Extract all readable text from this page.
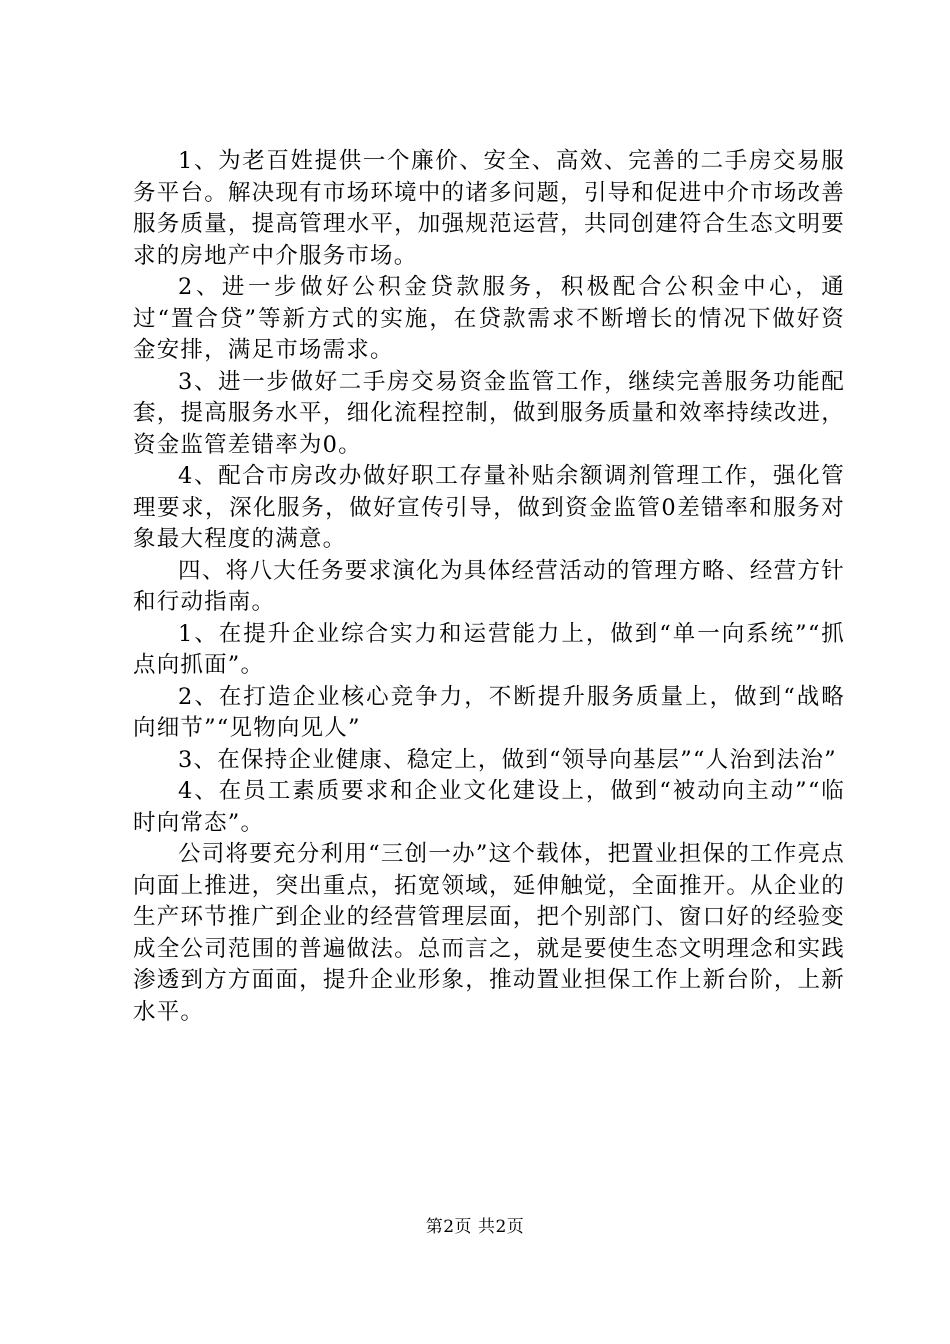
1、为老百姓提供一个廉价、安全、高效、完善的二手房交易服务平台。解决现有市场环境中的诸多问题，引导和促进中介市场改善服务质量，提高管理水平，加强规范运营，共同创建符合生态文明要求的房地产中介服务市场。

2、进一步做好公积金贷款服务，积极配合公积金中心，通过“置合贷”等新方式的实施，在贷款需求不断增长的情况下做好资金安排，满足市场需求。

3、进一步做好二手房交易资金监管工作，继续完善服务功能配套，提高服务水平，细化流程控制，做到服务质量和效率持续改进，资金监管差错率为0。

4、配合市房改办做好职工存量补贴余额调剂管理工作，强化管理要求，深化服务，做好宣传引导，做到资金监管0差错率和服务对象最大程度的满意。

四、将八大任务要求演化为具体经营活动的管理方略、经营方针和行动指南。

1、在提升企业综合实力和运营能力上，做到“单一向系统”“抓点向抓面”。

2、在打造企业核心竞争力，不断提升服务质量上，做到“战略向细节”“见物向见人”

3、在保持企业健康、稳定上，做到“领导向基层”“人治到法治”

4、在员工素质要求和企业文化建设上，做到“被动向主动”“临时向常态”。

公司将要充分利用“三创一办”这个载体，把置业担保的工作亮点向面上推进，突出重点，拓宽领域，延伸触觉，全面推开。从企业的生产环节推广到企业的经营管理层面，把个别部门、窗口好的经验变成全公司范围的普遍做法。总而言之，就是要使生态文明理念和实践渗透到方方面面，提升企业形象，推动置业担保工作上新台阶，上新水平。

第2页 共2页
